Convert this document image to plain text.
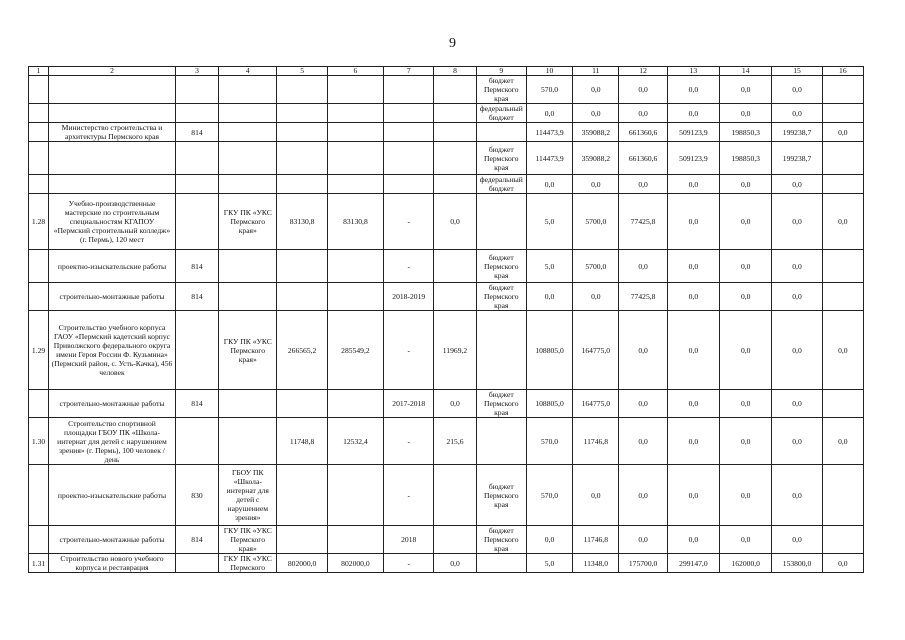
9
1	2	3	4	5	6	7	8	9	10	11	12	13	14	15	16
								бюджет Пермского края	570,0	0,0	0,0	0,0	0,0	0,0	
								федеральный бюджет	0,0	0,0	0,0	0,0	0,0	0,0	
	Министерство строительства и архитектуры Пермского края	814							114473,9	359088,2	661360,6	509123,9	198850,3	199238,7	0,0
								бюджет Пермского края	114473,9	359088,2	661360,6	509123,9	198850,3	199238,7	
								федеральный бюджет	0,0	0,0	0,0	0,0	0,0	0,0	
1.28	Учебно-производственные мастерские по строительным специальностям КГАПОУ «Пермский строительный колледж» (г. Пермь), 120 мест		ГКУ ПК «УКС Пермского края»	83130,8	83130,8	-	0,0		5,0	5700,0	77425,8	0,0	0,0	0,0	0,0
	проектно-изыскательские работы	814				-		бюджет Пермского края	5,0	5700,0	0,0	0,0	0,0	0,0	
	строительно-монтажные работы	814				2018-2019		бюджет Пермского края	0,0	0,0	77425,8	0,0	0,0	0,0	
1.29	Строительство учебного корпуса ГАОУ «Пермский кадетский корпус Приволжского федерального округа имени Героя России Ф. Кузьмина» (Пермский район, с. Усть-Качка), 456 человек		ГКУ ПК «УКС Пермского края»	266565,2	285549,2	-	11969,2		108805,0	164775,0	0,0	0,0	0,0	0,0	0,0
	строительно-монтажные работы	814				2017-2018	0,0	бюджет Пермского края	108805,0	164775,0	0,0	0,0	0,0	0,0	
1.30	Строительство спортивной площадки ГБОУ ПК «Школа-интернат для детей с нарушением зрения» (г. Пермь), 100 человек / день			11748,8	12532,4	-	215,6		570,0	11746,8	0,0	0,0	0,0	0,0	0,0
	проектно-изыскательские работы	830	ГБОУ ПК «Школа-интернат для детей с нарушением зрения»			-		бюджет Пермского края	570,0	0,0	0,0	0,0	0,0	0,0	
	строительно-монтажные работы	814	ГКУ ПК «УКС Пермского края»			2018		бюджет Пермского края	0,0	11746,8	0,0	0,0	0,0	0,0	
1.31	Строительство нового учебного корпуса и реставрация		ГКУ ПК «УКС Пермского	802000,0	802000,0	-	0,0		5,0	11348,0	175700,0	299147,0	162000,0	153800,0	0,0
